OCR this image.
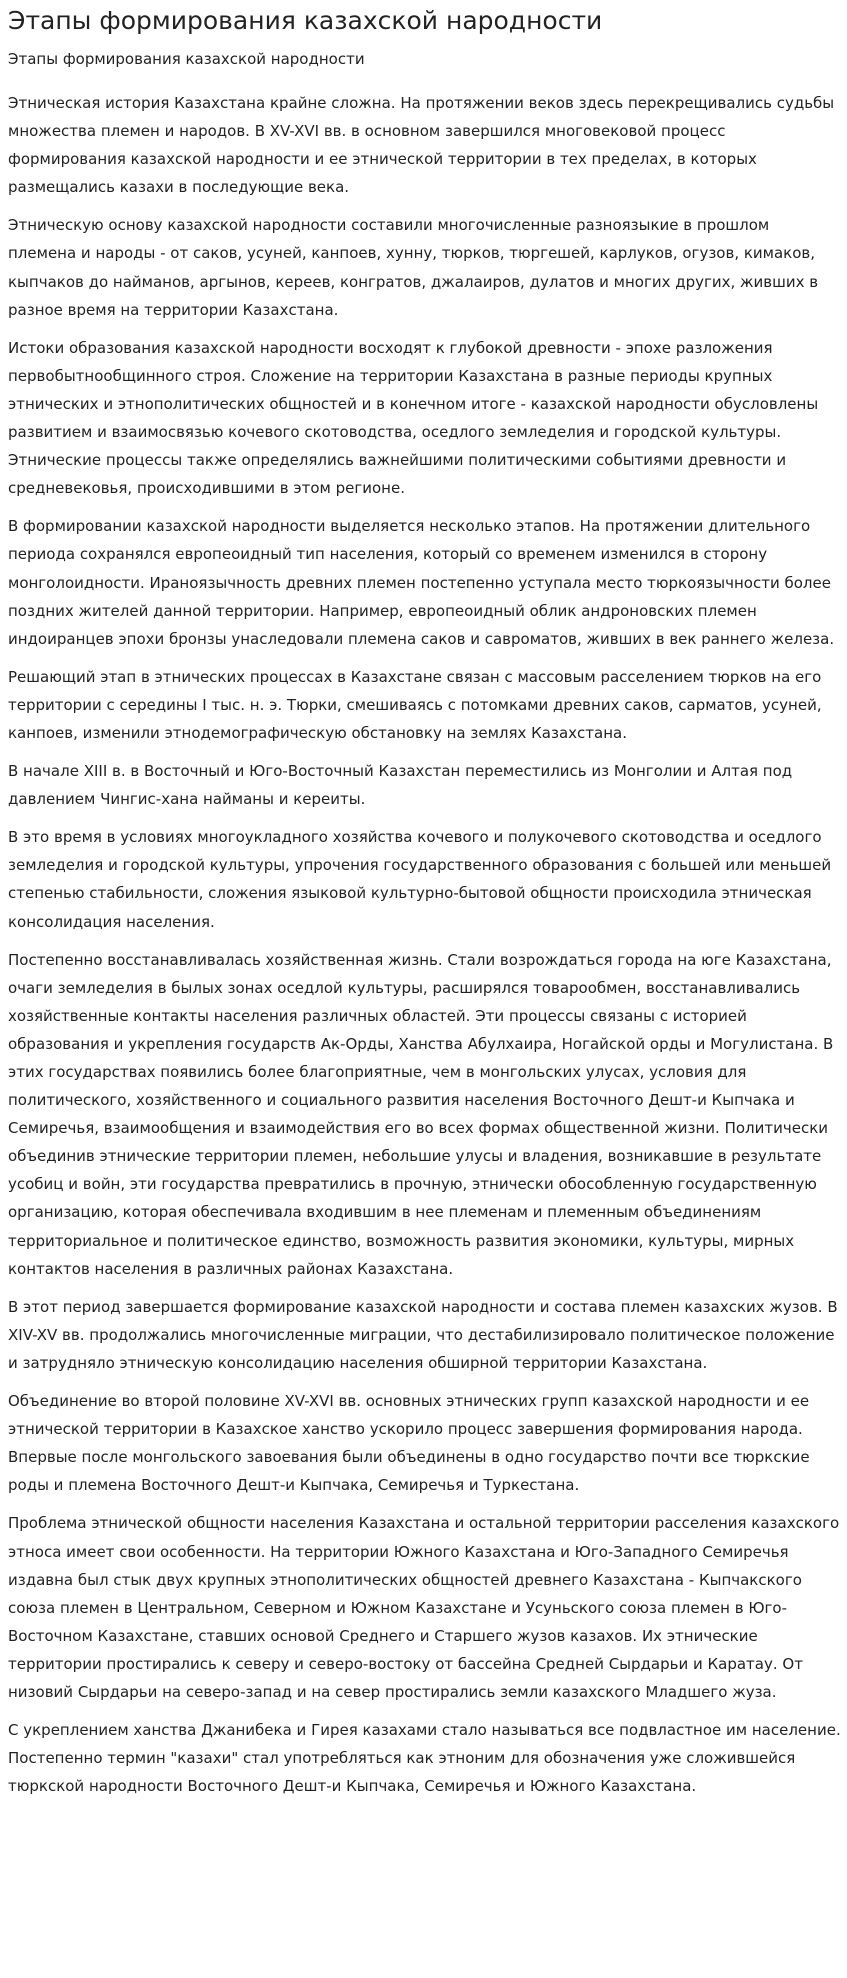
Этапы формирования казахской народности
Этапы формирования казахской народности

Этническая история Казахстана крайне сложна. На протяжении веков здесь перекрещивались судьбы множества племен и народов. В XV-XVI вв. в основном завершился многовековой процесс формирования казахской народности и ее этнической территории в тех пределах, в которых размещались казахи в последующие века.

Этническую основу казахской народности составили многочисленные разноязыкие в прошлом племена и народы - от саков, усуней, канпоев, хунну, тюрков, тюргешей, карлуков, огузов, кимаков, кыпчаков до найманов, аргынов, кереев, конгратов, джалаиров, дулатов и многих других, живших в разное время на территории Казахстана.

Истоки образования казахской народности восходят к глубокой древности - эпохе разложения первобытнообщинного строя. Сложение на территории Казахстана в разные периоды крупных этнических и этнополитических общностей и в конечном итоге - казахской народности обусловлены развитием и взаимосвязью кочевого скотоводства, оседлого земледелия и городской культуры. Этнические процессы также определялись важнейшими политическими событиями древности и средневековья, происходившими в этом регионе.

В формировании казахской народности выделяется несколько этапов. На протяжении длительного периода сохранялся европеоидный тип населения, который со временем изменился в сторону монголоидности. Ираноязычность древних племен постепенно уступала место тюркоязычности более поздних жителей данной территории. Например, европеоидный облик андроновских племен индоиранцев эпохи бронзы унаследовали племена саков и савроматов, живших в век раннего железа.

Решающий этап в этнических процессах в Казахстане связан с массовым расселением тюрков на его территории с середины I тыс. н. э. Тюрки, смешиваясь с потомками древних саков, сарматов, усуней, канпоев, изменили этнодемографическую обстановку на землях Казахстана.

В начале XIII в. в Восточный и Юго-Восточный Казахстан переместились из Монголии и Алтая под давлением Чингис-хана найманы и кереиты.

В это время в условиях многоукладного хозяйства кочевого и полукочевого скотоводства и оседлого земледелия и городской культуры, упрочения государственного образования с большей или меньшей степенью стабильности, сложения языковой культурно-бытовой общности происходила этническая консолидация населения.

Постепенно восстанавливалась хозяйственная жизнь. Стали возрождаться города на юге Казахстана, очаги земледелия в былых зонах оседлой культуры, расширялся товарообмен, восстанавливались хозяйственные контакты населения различных областей. Эти процессы связаны с историей образования и укрепления государств Ак-Орды, Ханства Абулхаира, Ногайской орды и Могулистана. В этих государствах появились более благоприятные, чем в монгольских улусах, условия для политического, хозяйственного и социального развития населения Восточного Дешт-и Кыпчака и Семиречья, взаимообщения и взаимодействия его во всех формах общественной жизни. Политически объединив этнические территории племен, небольшие улусы и владения, возникавшие в результате усобиц и войн, эти государства превратились в прочную, этнически обособленную государственную организацию, которая обеспечивала входившим в нее племенам и племенным объединениям территориальное и политическое единство, возможность развития экономики, культуры, мирных контактов населения в различных районах Казахстана.

В этот период завершается формирование казахской народности и состава племен казахских жузов. В XIV-XV вв. продолжались многочисленные миграции, что дестабилизировало политическое положение и затрудняло этническую консолидацию населения обширной территории Казахстана.

Объединение во второй половине XV-XVI вв. основных этнических групп казахской народности и ее этнической территории в Казахское ханство ускорило процесс завершения формирования народа. Впервые после монгольского завоевания были объединены в одно государство почти все тюркские роды и племена Восточного Дешт-и Кыпчака, Семиречья и Туркестана.

Проблема этнической общности населения Казахстана и остальной территории расселения казахского этноса имеет свои особенности. На территории Южного Казахстана и Юго-Западного Семиречья издавна был стык двух крупных этнополитических общностей древнего Казахстана - Кыпчакского союза племен в Центральном, Северном и Южном Казахстане и Усуньского союза племен в Юго-Восточном Казахстане, ставших основой Среднего и Старшего жузов казахов. Их этнические территории простирались к северу и северо-востоку от бассейна Средней Сырдарьи и Каратау. От низовий Сырдарьи на северо-запад и на север простирались земли казахского Младшего жуза.

С укреплением ханства Джанибека и Гирея казахами стало называться все подвластное им население. Постепенно термин "казахи" стал употребляться как этноним для обозначения уже сложившейся тюркской народности Восточного Дешт-и Кыпчака, Семиречья и Южного Казахстана.
